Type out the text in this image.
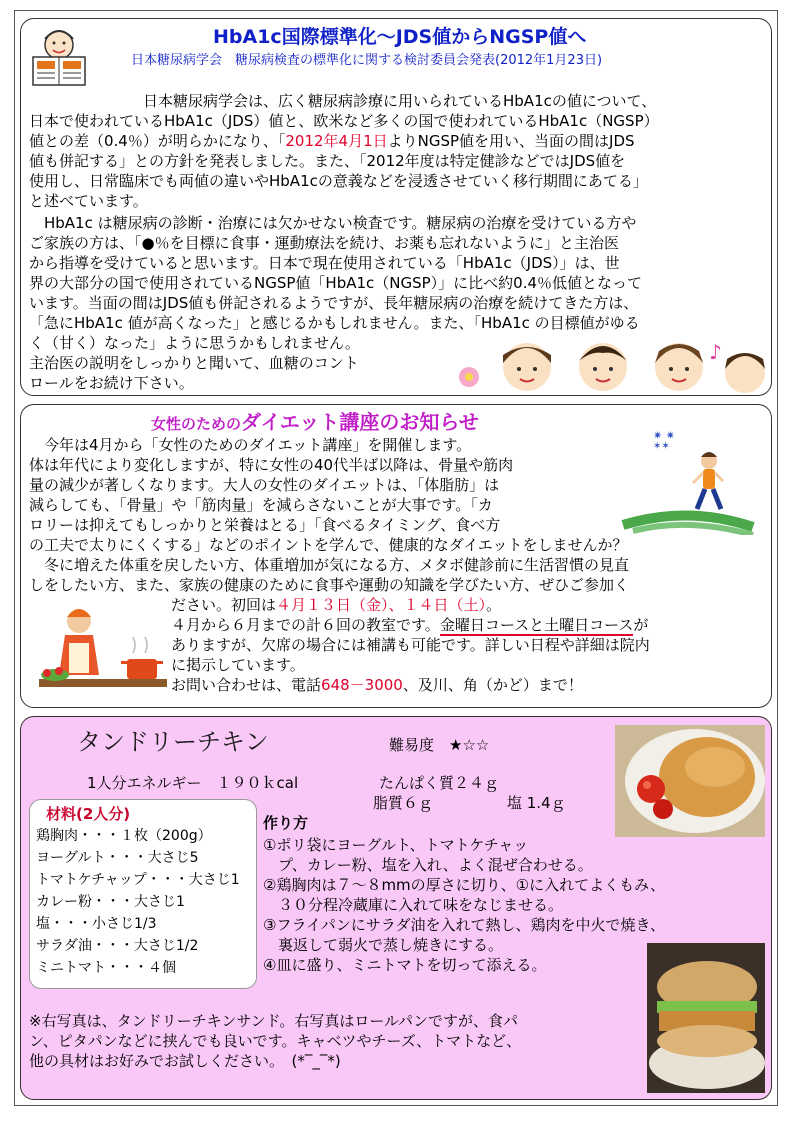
HbA1c国際標準化～JDS値からNGSP値へ
日本糖尿病学会　糖尿病検査の標準化に関する検討委員会発表(2012年1月23日)
日本糖尿病学会は、広く糖尿病診療に用いられているHbA1cの値について、
日本で使われているHbA1c（JDS）値と、欧米など多くの国で使われているHbA1c（NGSP）
値との差（0.4％）が明らかになり、「2012年4月1日よりNGSP値を用い、当面の間はJDS
値も併記する」との方針を発表しました。また、「2012年度は特定健診などではJDS値を
使用し、日常臨床でも両値の違いやHbA1cの意義などを浸透させていく移行期間にあてる」
と述べています。
　HbA1c は糖尿病の診断・治療には欠かせない検査です。糖尿病の治療を受けている方や
ご家族の方は、「●％を目標に食事・運動療法を続け、お薬も忘れないように」と主治医
から指導を受けていると思います。日本で現在使用されている「HbA1c（JDS）」は、世
界の大部分の国で使用されているNGSP値「HbA1c（NGSP）」に比べ約0.4％低値となって
います。当面の間はJDS値も併記されるようですが、長年糖尿病の治療を続けてきた方は、
「急にHbA1c 値が高くなった」と感じるかもしれません。また、「HbA1c の目標値がゆる
く（甘く）なった」ように思うかもしれません。
主治医の説明をしっかりと聞いて、血糖のコント
ロールをお続け下さい。
♪
女性のためのダイエット講座のお知らせ
　今年は4月から「女性のためのダイエット講座」を開催します。
体は年代により変化しますが、特に女性の40代半ば以降は、骨量や筋肉
量の減少が著しくなります。大人の女性のダイエットは、「体脂肪」は
減らしても、「骨量」や「筋肉量」を減らさないことが大事です。「カ
ロリーは抑えてもしっかりと栄養はとる」「食べるタイミング、食べ方
の工夫で太りにくくする」などのポイントを学んで、健康的なダイエットをしませんか？
　冬に増えた体重を戻したい方、体重増加が気になる方、メタボ健診前に生活習慣の見直
しをしたい方、また、家族の健康のために食事や運動の知識を学びたい方、ぜひご参加く
ださい。初回は４月１３日（金）、１４日（土）。
４月から６月までの計６回の教室です。金曜日コースと土曜日コースが
ありますが、欠席の場合には補講も可能です。詳しい日程や詳細は院内
に掲示しています。
お問い合わせは、電話648－3000、及川、角（かど）まで！
✶✶
✷ ✷
タンドリーチキン	難易度　 ★☆☆
1人分エネルギー　１９０ｋcal	たんぱく質２４ｇ
脂質６ｇ	塩 1.4ｇ
材料(2人分)
鶏胸肉・・・１枚（200g）
ヨーグルト・・・大さじ5
トマトケチャップ・・・大さじ1
カレー粉・・・大さじ1
塩・・・小さじ1/3
サラダ油・・・大さじ1/2
ミニトマト・・・４個
作り方
①ポリ袋にヨーグルト、トマトケチャッ
　プ、カレー粉、塩を入れ、よく混ぜ合わせる。
②鶏胸肉は７～８mmの厚さに切り、①に入れてよくもみ、
　３０分程冷蔵庫に入れて味をなじませる。
③フライパンにサラダ油を入れて熱し、鶏肉を中火で焼き、
　裏返して弱火で蒸し焼きにする。
④皿に盛り、ミニトマトを切って添える。
※右写真は、タンドリーチキンサンド。右写真はロールパンですが、食パ
ン、ピタパンなどに挟んでも良いです。キャベツやチーズ、トマトなど、
他の具材はお好みでお試しください。　(*‾_‾*)
